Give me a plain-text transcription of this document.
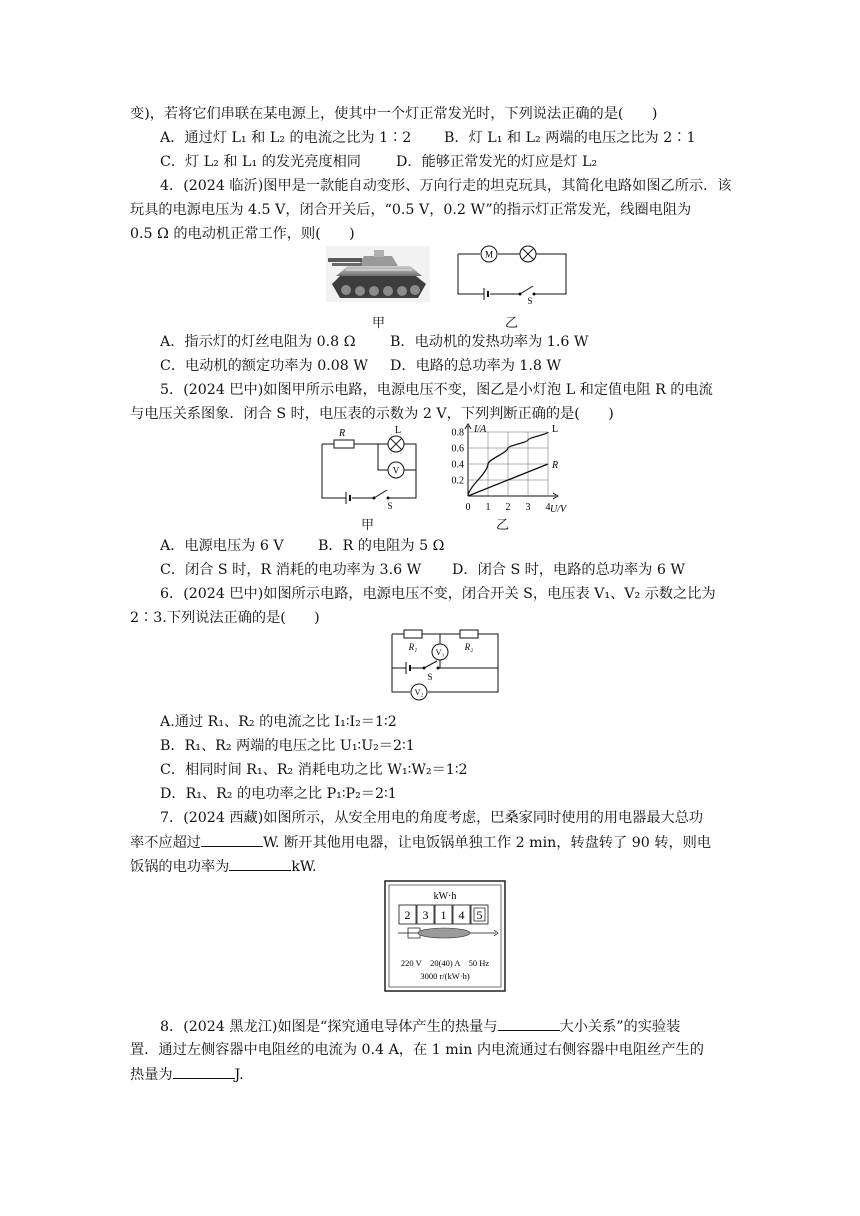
变)，若将它们串联在某电源上，使其中一个灯正常发光时，下列说法正确的是(　　)
A．通过灯 L₁ 和 L₂ 的电流之比为 1∶2 B．灯 L₁ 和 L₂ 两端的电压之比为 2∶1
C．灯 L₂ 和 L₁ 的发光亮度相同 D．能够正常发光的灯应是灯 L₂
4．(2024 临沂)图甲是一款能自动变形、万向行走的坦克玩具，其简化电路如图乙所示．该
玩具的电源电压为 4.5 V，闭合开关后，“0.5 V，0.2 W”的指示灯正常发光，线圈电阻为
0.5 Ω 的电动机正常工作，则(　　)
M
S
甲	乙
A．指示灯的灯丝电阻为 0.8 Ω B．电动机的发热功率为 1.6 W
C．电动机的额定功率为 0.08 W D．电路的总功率为 1.8 W
5．(2024 巴中)如图甲所示电路，电源电压不变，图乙是小灯泡 L 和定值电阻 R 的电流
与电压关系图象．闭合 S 时，电压表的示数为 2 V，下列判断正确的是(　　)
R	L
V
S
甲
1 2 3 4
0.2
0.4
0.6
0.8	L
R
I/A
U/V
0
乙
A．电源电压为 6 V B．R 的电阻为 5 Ω
C．闭合 S 时，R 消耗的电功率为 3.6 W D．闭合 S 时，电路的总功率为 6 W
6．(2024 巴中)如图所示电路，电源电压不变，闭合开关 S，电压表 V₁、V₂ 示数之比为
2∶3.下列说法正确的是(　　)
R₁	R₂
V₁
V₂
S
A.通过 R₁、R₂ 的电流之比 I₁∶I₂＝1∶2
B．R₁、R₂ 两端的电压之比 U₁∶U₂＝2∶1
C．相同时间 R₁、R₂ 消耗电功之比 W₁∶W₂＝1∶2
D．R₁、R₂ 的电功率之比 P₁∶P₂＝2∶1
7．(2024 西藏)如图所示，从安全用电的角度考虑，巴桑家同时使用的用电器最大总功
率不应超过	W. 断开其他用电器，让电饭锅单独工作 2 min，转盘转了 90 转，则电
饭锅的电功率为	kW.
kW·h
2 3 1 4 5
220 V　20(40) A　50 Hz
3000 r/(kW·h)
8．(2024 黑龙江)如图是“探究通电导体产生的热量与	大小关系”的实验装
置．通过左侧容器中电阻丝的电流为 0.4 A，在 1 min 内电流通过右侧容器中电阻丝产生的
热量为	J.
